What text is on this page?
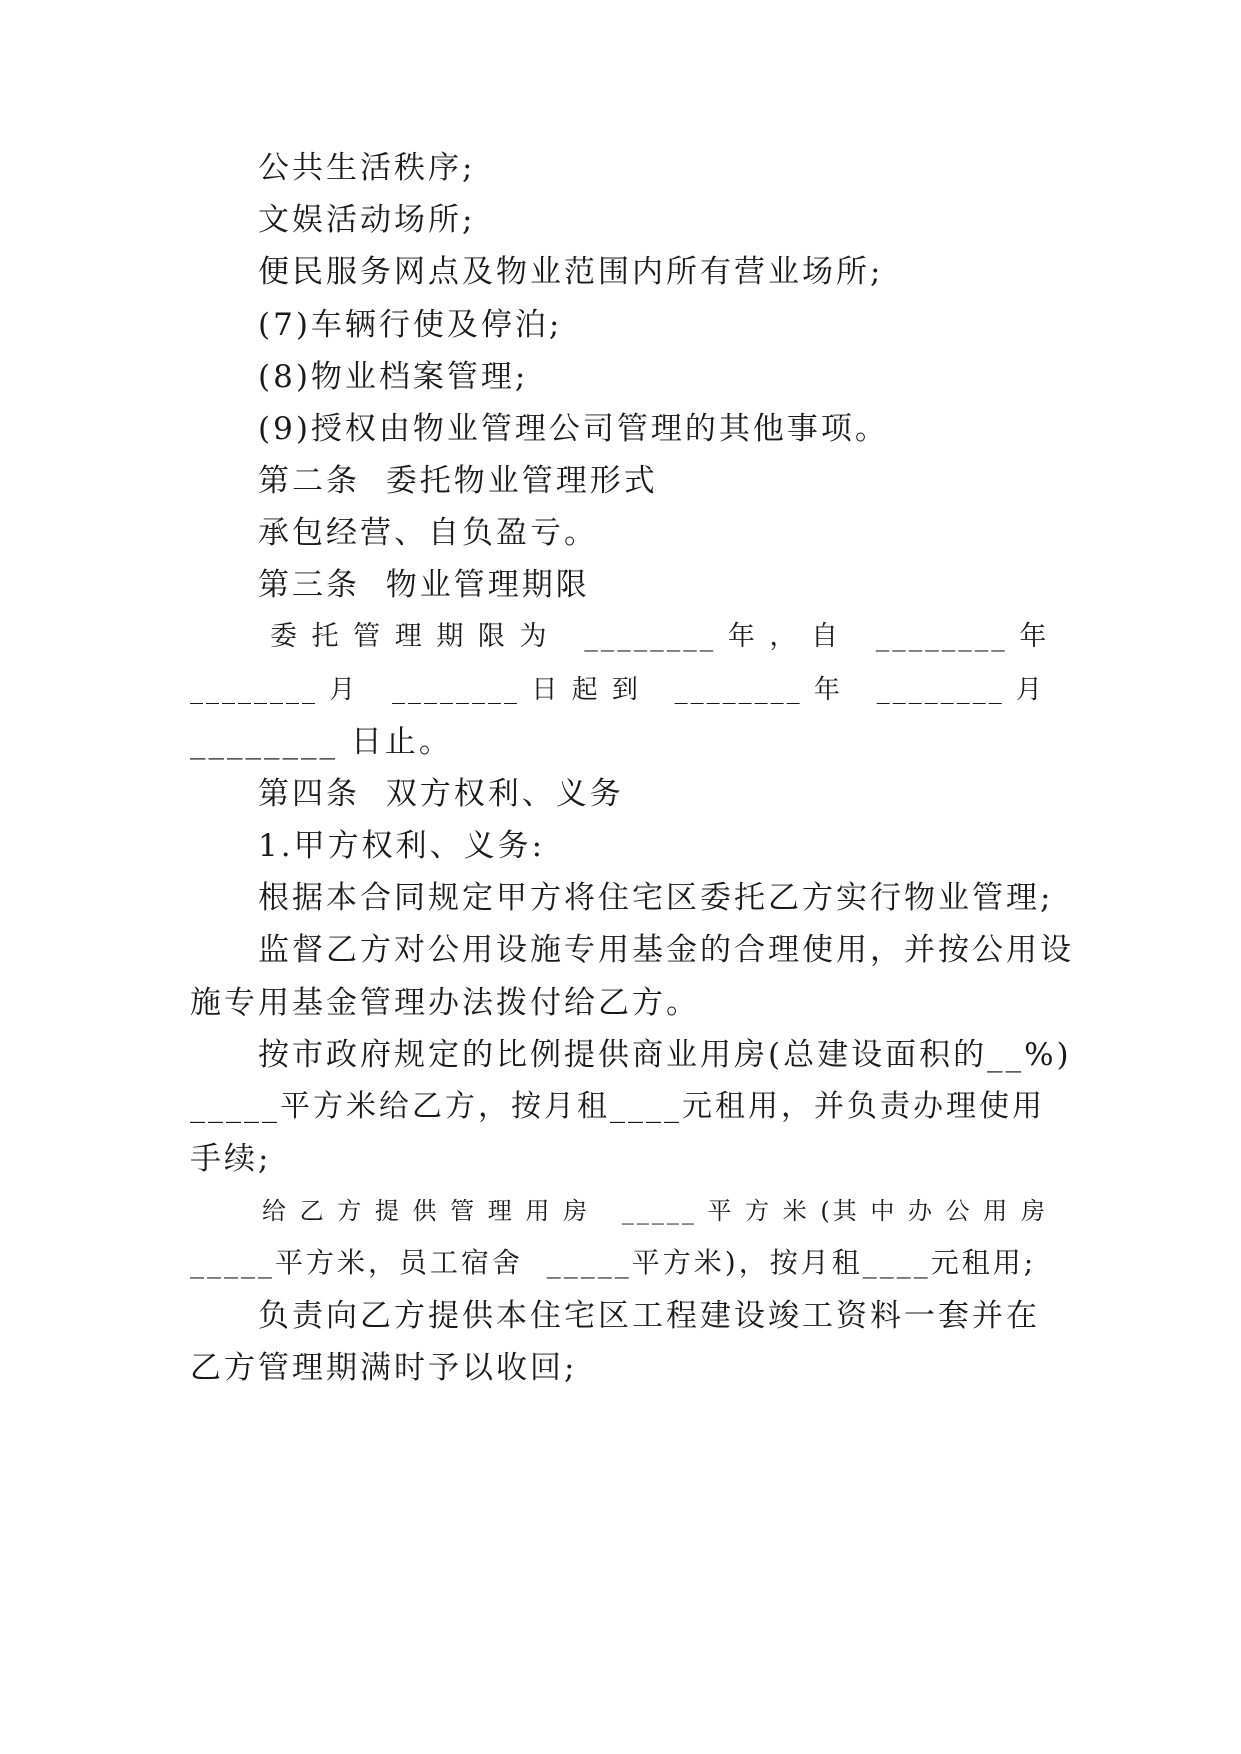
公共生活秩序;
文娱活动场所;
便民服务网点及物业范围内所有营业场所;
(7)车辆行使及停泊;
(8)物业档案管理;
(9)授权由物业管理公司管理的其他事项。
第二条  委托物业管理形式
承包经营、自负盈亏。
第三条  物业管理期限
委 托 管 理 期 限 为   ________ 年 ， 自   ________ 年
________ 月   ________ 日 起 到   ________ 年   ________ 月
________ 日止。
第四条  双方权利、义务
1.甲方权利、义务:
根据本合同规定甲方将住宅区委托乙方实行物业管理;
监督乙方对公用设施专用基金的合理使用，并按公用设
施专用基金管理办法拨付给乙方。
按市政府规定的比例提供商业用房(总建设面积的__%)
_____平方米给乙方，按月租____元租用，并负责办理使用
手续;
给 乙 方 提 供 管 理 用 房   _____ 平 方 米 (其 中 办 公 用 房
_____平方米，员工宿舍  _____平方米)，按月租____元租用;
负责向乙方提供本住宅区工程建设竣工资料一套并在
乙方管理期满时予以收回;
